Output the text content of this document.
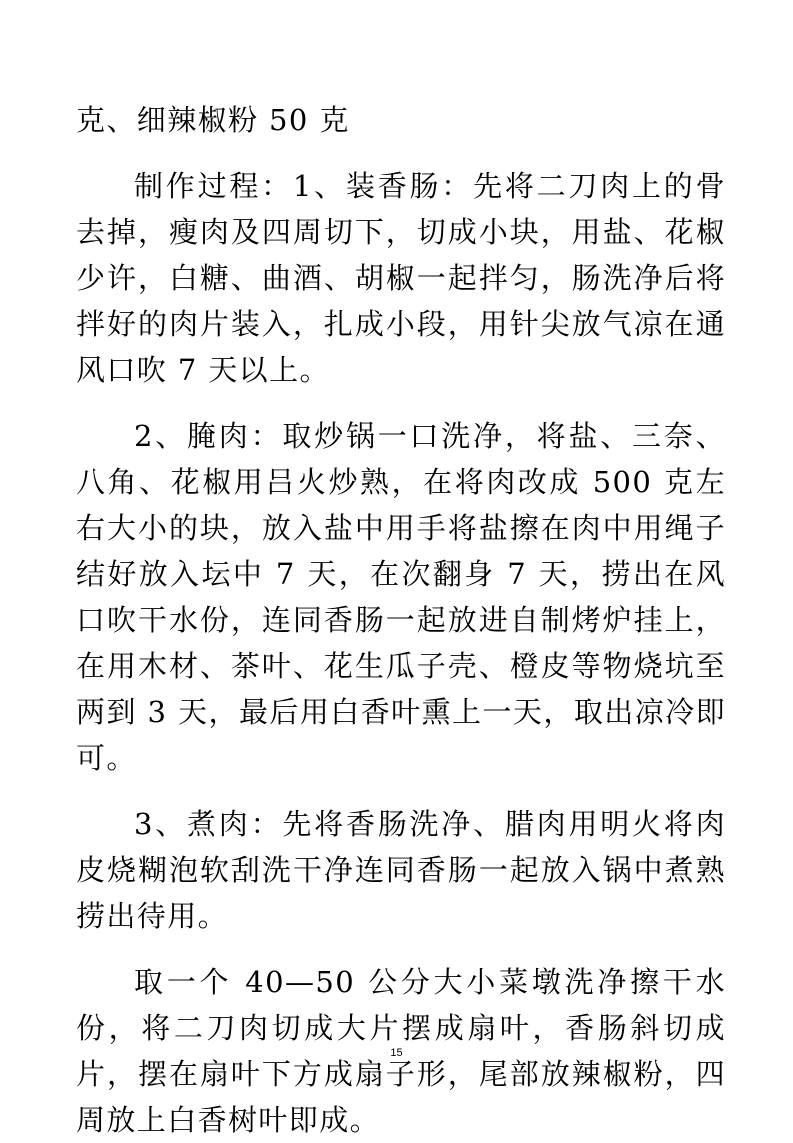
克、细辣椒粉 50 克

制作过程：1、装香肠：先将二刀肉上的骨去掉，瘦肉及四周切下，切成小块，用盐、花椒少许，白糖、曲酒、胡椒一起拌匀，肠洗净后将拌好的肉片装入，扎成小段，用针尖放气凉在通风口吹 7 天以上。

2、腌肉：取炒锅一口洗净，将盐、三奈、八角、花椒用吕火炒熟，在将肉改成 500 克左右大小的块，放入盐中用手将盐擦在肉中用绳子结好放入坛中 7 天，在次翻身 7 天，捞出在风口吹干水份，连同香肠一起放进自制烤炉挂上，在用木材、茶叶、花生瓜子壳、橙皮等物烧坑至两到 3 天，最后用白香叶熏上一天，取出凉冷即可。

3、煮肉：先将香肠洗净、腊肉用明火将肉皮烧糊泡软刮洗干净连同香肠一起放入锅中煮熟捞出待用。

取一个 40—50 公分大小菜墩洗净擦干水份，将二刀肉切成大片摆成扇叶，香肠斜切成片，摆在扇叶下方成扇子形，尾部放辣椒粉，四周放上白香树叶即成。

15
